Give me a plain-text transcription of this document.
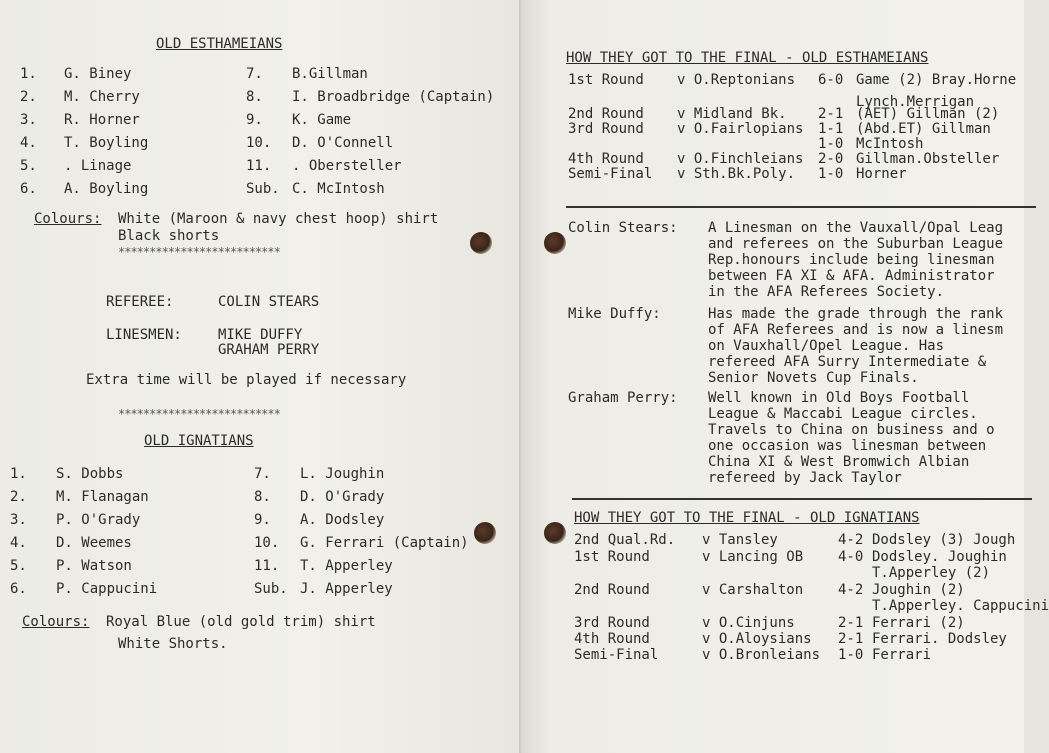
OLD ESTHAMEIANS
1. G. Biney
2. M. Cherry
3. R. Horner
4. T. Boyling
5. . Linage
6. A. Boyling
7. B.Gillman
8. I. Broadbridge (Captain)
9. K. Game
10. D. O'Connell
11. . Obersteller
Sub. C. McIntosh
Colours: White (Maroon & navy chest hoop) shirt
Black shorts
**************************
REFEREE:	COLIN STEARS
LINESMEN:	MIKE DUFFY
GRAHAM PERRY
Extra time will be played if necessary
**************************
OLD IGNATIANS
1. S. Dobbs
2. M. Flanagan
3. P. O'Grady
4. D. Weemes
5. P. Watson
6. P. Cappucini
7. L. Joughin
8. D. O'Grady
9. A. Dodsley
10. G. Ferrari (Captain)
11. T. Apperley
Sub. J. Apperley
Colours: Royal Blue (old gold trim) shirt
White Shorts.
HOW THEY GOT TO THE FINAL - OLD ESTHAMEIANS
1st Round v O.Reptonians 6-0 Game (2) Bray.Horne
Lynch.Merrigan
2nd Round v Midland Bk. 2-1 (AET) Gillman (2)
3rd Round v O.Fairlopians 1-1 (Abd.ET) Gillman
1-0 McIntosh
4th Round v O.Finchleians 2-0 Gillman.Obsteller
Semi-Final v Sth.Bk.Poly. 1-0 Horner
Colin Stears: A Linesman on the Vauxall/Opal Leag
and referees on the Suburban League
Rep.honours include being linesman
between FA XI & AFA. Administrator
in the AFA Referees Society.
Mike Duffy:	Has made the grade through the rank
of AFA Referees and is now a linesm
on Vauxhall/Opel League. Has
refereed AFA Surry Intermediate &
Senior Novets Cup Finals.
Graham Perry: Well known in Old Boys Football
League & Maccabi League circles.
Travels to China on business and o
one occasion was linesman between
China XI & West Bromwich Albian
refereed by Jack Taylor
HOW THEY GOT TO THE FINAL - OLD IGNATIANS
2nd Qual.Rd. v Tansley	4-2 Dodsley (3) Jough
1st Round	v Lancing OB 4-0 Dodsley. Joughin
T.Apperley (2)
2nd Round	v Carshalton 4-2 Joughin (2)
T.Apperley. Cappucini
3rd Round	v O.Cinjuns	2-1 Ferrari (2)
4th Round	v O.Aloysians 2-1 Ferrari. Dodsley
Semi-Final	v O.Bronleians 1-0 Ferrari
